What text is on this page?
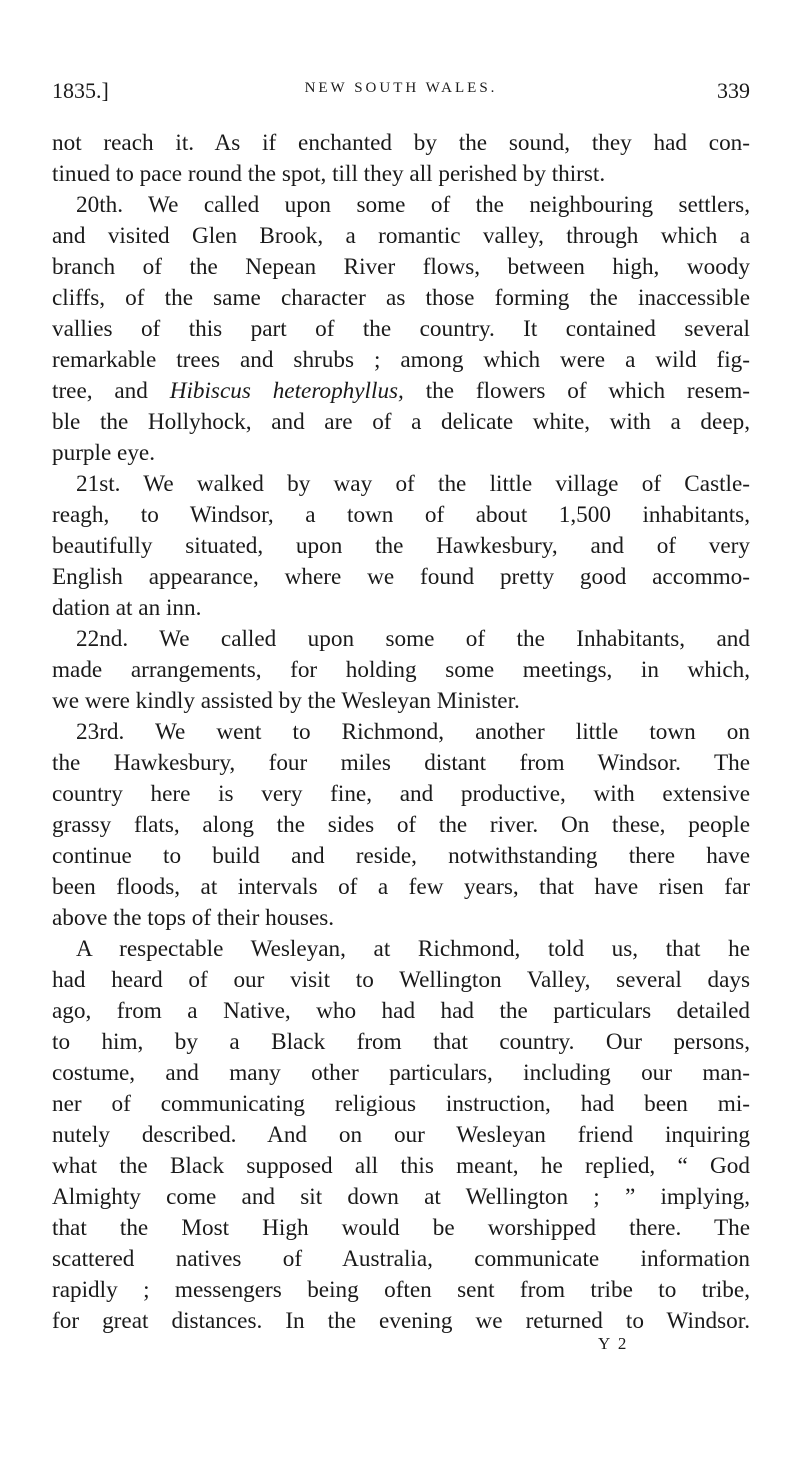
1835.]	NEW SOUTH WALES.	339
not reach it. As if enchanted by the sound, they had con-
tinued to pace round the spot, till they all perished by thirst.
20th. We called upon some of the neighbouring settlers,
and visited Glen Brook, a romantic valley, through which a
branch of the Nepean River flows, between high, woody
cliffs, of the same character as those forming the inaccessible
vallies of this part of the country. It contained several
remarkable trees and shrubs ; among which were a wild fig-
tree, and Hibiscus heterophyllus, the flowers of which resem-
ble the Hollyhock, and are of a delicate white, with a deep,
purple eye.
21st. We walked by way of the little village of Castle-
reagh, to Windsor, a town of about 1,500 inhabitants,
beautifully situated, upon the Hawkesbury, and of very
English appearance, where we found pretty good accommo-
dation at an inn.
22nd. We called upon some of the Inhabitants, and
made arrangements, for holding some meetings, in which,
we were kindly assisted by the Wesleyan Minister.
23rd. We went to Richmond, another little town on
the Hawkesbury, four miles distant from Windsor. The
country here is very fine, and productive, with extensive
grassy flats, along the sides of the river. On these, people
continue to build and reside, notwithstanding there have
been floods, at intervals of a few years, that have risen far
above the tops of their houses.
A respectable Wesleyan, at Richmond, told us, that he
had heard of our visit to Wellington Valley, several days
ago, from a Native, who had had the particulars detailed
to him, by a Black from that country. Our persons,
costume, and many other particulars, including our man-
ner of communicating religious instruction, had been mi-
nutely described. And on our Wesleyan friend inquiring
what the Black supposed all this meant, he replied, “ God
Almighty come and sit down at Wellington ; ” implying,
that the Most High would be worshipped there. The
scattered natives of Australia, communicate information
rapidly ; messengers being often sent from tribe to tribe,
for great distances. In the evening we returned to Windsor.
Y 2
